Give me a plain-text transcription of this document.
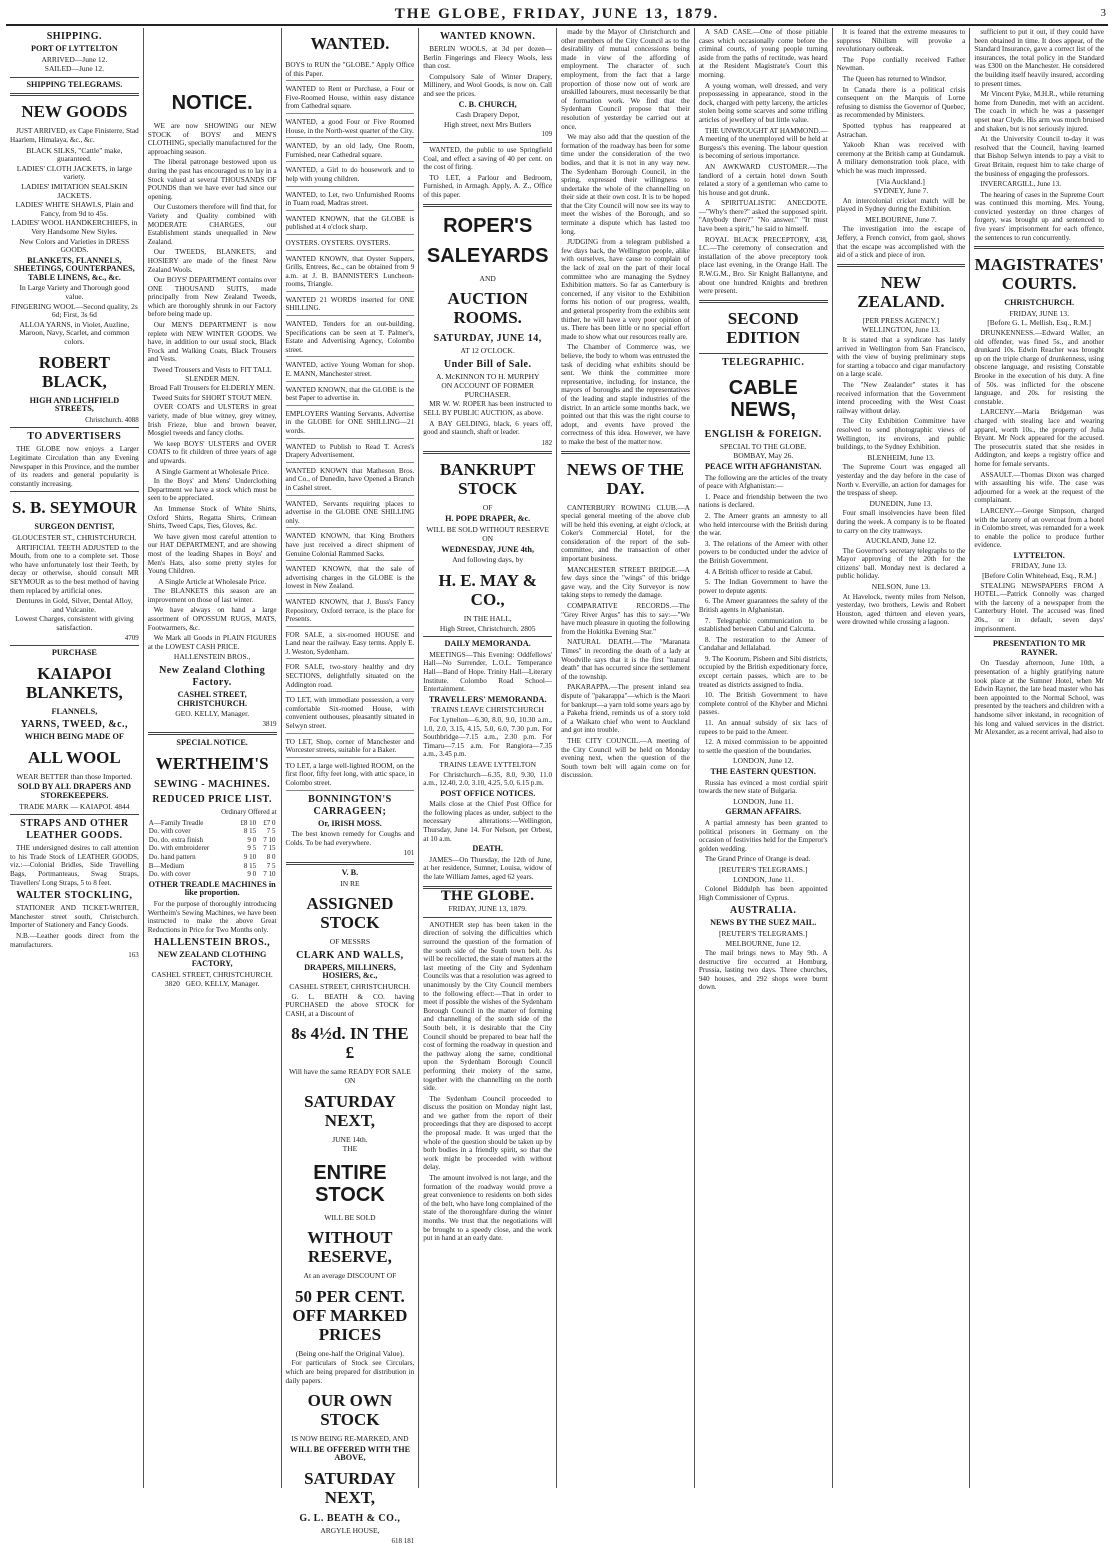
THE GLOBE, FRIDAY, JUNE 13, 1879.	3
SHIPPING.
PORT OF LYTTELTON
ARRIVED—June 12.
SAILED—June 12.
SHIPPING TELEGRAMS.
NEW GOODS

JUST ARRIVED, ex Cape Finisterre, Stad Haarlem, Himalaya, &c., &c.

BLACK SILKS, "Cattle" make, guaranteed.
LADIES' CLOTH JACKETS, in large variety.
LADIES' IMITATION SEALSKIN JACKETS.
LADIES' WHITE SHAWLS, Plain and Fancy, from 9d to 45s.
LADIES' WOOL HANDKERCHIEFS, in Very Handsome New Styles.
New Colors and Varieties in DRESS GOODS.
BLANKETS, FLANNELS, SHEETINGS, COUNTERPANES, TABLE LINENS, &c., &c.
In Large Variety and Thorough good value.
FINGERING WOOL—Second quality, 2s 6d; First, 3s 6d
ALLOA YARNS, in Violet, Auzline, Maroon, Navy, Scarlet, and common colors.
ROBERT BLACK,
HIGH AND LICHFIELD STREETS,
Christchurch. 4088
TO ADVERTISERS

THE GLOBE now enjoys a Larger Legitimate Circulation than any Evening Newspaper in this Province, and the number of its readers and general popularity is constantly increasing.

S. B. SEYMOUR
SURGEON DENTIST,
GLOUCESTER ST., CHRISTCHURCH.

ARTIFICIAL TEETH ADJUSTED to the Mouth, from one to a complete set. Those who have unfortunately lost their Teeth, by decay or otherwise, should consult MR SEYMOUR as to the best method of having them replaced by artificial ones.

Dentures in Gold, Silver, Dental Alloy, and Vulcanite.
Lowest Charges, consistent with giving satisfaction.
4709
PURCHASE
KAIAPOI BLANKETS,
FLANNELS,
YARNS, TWEED, &c.,
WHICH BEING MADE OF
ALL WOOL
WEAR BETTER than those Imported.
SOLD BY ALL DRAPERS AND STOREKEEPERS.
TRADE MARK — KAIAPOI. 4844
STRAPS AND OTHER LEATHER GOODS.

THE undersigned desires to call attention to his Trade Stock of LEATHER GOODS, viz.:—Colonial Bridles, Side Travelling Bags, Portmanteaus, Swag Straps, Travellers' Long Straps, 5 to 8 feet.

WALTER STOCKLING,

STATIONER AND TICKET-WRITER, Manchester street south, Christchurch. Importer of Stationery and Fancy Goods.

N.B.—Leather goods direct from the manufacturers.

163
NOTICE.

WE are now SHOWING our NEW STOCK of BOYS' and MEN'S CLOTHING, specially manufactured for the approaching season.

The liberal patronage bestowed upon us during the past has encouraged us to lay in a Stock valued at several THOUSANDS OF POUNDS than we have ever had since our opening.

Our Customers therefore will find that, for Variety and Quality combined with MODERATE CHARGES, our Establishment stands unequalled in New Zealand.

Our TWEEDS, BLANKETS, and HOSIERY are made of the finest New Zealand Wools.

Our BOYS' DEPARTMENT contains over ONE THOUSAND SUITS, made principally from New Zealand Tweeds, which are thoroughly shrunk in our Factory before being made up.

Our MEN'S DEPARTMENT is now replete with NEW WINTER GOODS. We have, in addition to our usual stock, Black Frock and Walking Coats, Black Trousers and Vests.

Tweed Trousers and Vests to FIT TALL SLENDER MEN.
Broad Fall Trousers for ELDERLY MEN.
Tweed Suits for SHORT STOUT MEN.

OVER COATS and ULSTERS in great variety, made of blue witney, grey witney, Irish Frieze, blue and brown beaver, Mosgiel tweeds and fancy cloths.

We keep BOYS' ULSTERS and OVER COATS to fit children of three years of age and upwards.

A Single Garment at Wholesale Price.

In the Boys' and Mens' Underclothing Department we have a stock which must be seen to be appreciated.

An Immense Stock of White Shirts, Oxford Shirts, Regatta Shirts, Crimean Shirts, Tweed Caps, Ties, Gloves, &c.

We have given most careful attention to our HAT DEPARTMENT, and are showing most of the leading Shapes in Boys' and Men's Hats, also some pretty styles for Young Children.

A Single Article at Wholesale Price.

The BLANKETS this season are an improvement on those of last winter.

We have always on hand a large assortment of OPOSSUM RUGS, MATS, Footwarmers, &c.

We Mark all Goods in PLAIN FIGURES at the LOWEST CASH PRICE.

HALLENSTEIN BROS.,
New Zealand Clothing Factory.
CASHEL STREET, CHRISTCHURCH.
GEO. KELLY, Manager.
3819
SPECIAL NOTICE.
WERTHEIM'S
SEWING - MACHINES.
REDUCED PRICE LIST.
Ordinary Offered at
A—Family Treadle	£8 10	£7 0
Do. with cover	8 15	7 5
Do. do. extra finish	9 0	7 10
Do. with embroiderer	9 5	7 15
Do. hand pattern	9 10	8 0
B—Medium	8 15	7 5
Do. with cover	9 0	7 10
OTHER TREADLE MACHINES in like proportion.

For the purpose of thoroughly introducing Wertheim's Sewing Machines, we have been instructed to make the above Great Reductions in Price for Two Months only.

HALLENSTEIN BROS.,
NEW ZEALAND CLOTHING FACTORY,
CASHEL STREET, CHRISTCHURCH.
3820 GEO. KELLY, Manager.
WANTED.
BOYS to RUN the "GLOBE." Apply Office of this Paper.
WANTED to Rent or Purchase, a Four or Five-Roomed House, within easy distance from Cathedral square.
WANTED, a good Four or Five Roomed House, in the North-west quarter of the City.
WANTED, by an old lady, One Room, Furnished, near Cathedral square.
WANTED, a Girl to do housework and to help with young children.
WANTED, to Let, two Unfurnished Rooms in Tuam road, Madras street.
WANTED KNOWN, that the GLOBE is published at 4 o'clock sharp.
OYSTERS. OYSTERS. OYSTERS.
WANTED KNOWN, that Oyster Suppers, Grills, Entrees, &c., can be obtained from 9 a.m. at J. B. BANNISTER'S Luncheon-rooms, Triangle.
WANTED 21 WORDS inserted for ONE SHILLING.
WANTED, Tenders for an out-building. Specifications can be seen at T. Palmer's, Estate and Advertising Agency, Colombo street.
WANTED, active Young Woman for shop. E. MANN, Manchester street.
WANTED KNOWN, that the GLOBE is the best Paper to advertise in.
EMPLOYERS Wanting Servants, Advertise in the GLOBE for ONE SHILLING—21 words.
WANTED to Publish to Read T. Acres's Drapery Advertisement.
WANTED KNOWN that Matheson Bros. and Co., of Dunedin, have Opened a Branch in Cashel street.
WANTED, Servants requiring places to advertise in the GLOBE ONE SHILLING only.
WANTED KNOWN, that King Brothers have just received a direct shipment of Genuine Colonial Rammed Sacks.
WANTED KNOWN, that the sale of advertising charges in the GLOBE is the lowest in New Zealand.
WANTED KNOWN, that J. Buss's Fancy Repository, Oxford terrace, is the place for Presents.
FOR SALE, a six-roomed HOUSE and Land near the railway. Easy terms. Apply E. J. Weston, Sydenham.
FOR SALE, two-story healthy and dry SECTIONS, delightfully situated on the Addington road.
TO LET, with immediate possession, a very comfortable Six-roomed House, with convenient outhouses, pleasantly situated in Selwyn street.
TO LET, Shop, corner of Manchester and Worcester streets, suitable for a Baker.
TO LET, a large well-lighted ROOM, on the first floor, fifty feet long, with attic space, in Colombo street.
BONNINGTON'S CARRAGEEN;
Or, IRISH MOSS.

The best known remedy for Coughs and Colds. To be had everywhere.

101
V. B.
IN RE
ASSIGNED STOCK
OF MESSRS
CLARK AND WALLS,
DRAPERS, MILLINERS, HOSIERS, &c.,
CASHEL STREET, CHRISTCHURCH.

G. L. BEATH & CO. having PURCHASED the above STOCK for CASH, at a Discount of

8s 4½d. IN THE £
Will have the same READY FOR SALE ON
SATURDAY NEXT,
JUNE 14th.
THE
ENTIRE STOCK
WILL BE SOLD
WITHOUT RESERVE,
At an average DISCOUNT OF
50 PER CENT. OFF MARKED PRICES
(Being one-half the Original Value).

For particulars of Stock see Circulars, which are being prepared for distribution in daily papers.

OUR OWN STOCK
IS NOW BEING RE-MARKED, AND
WILL BE OFFERED WITH THE ABOVE,
SATURDAY NEXT,
G. L. BEATH & CO.,
ARGYLE HOUSE,
618 181
WANTED KNOWN.

BERLIN WOOLS, at 3d per dozen—Berlin Fingerings and Fleecy Wools, less than cost.

Compulsory Sale of Winter Drapery, Millinery, and Wool Goods, is now on. Call and see the prices.

C. B. CHURCH,
Cash Drapery Depot,
High street, next Mrs Butlers
109

WANTED, the public to use Springfield Coal, and effect a saving of 40 per cent. on the cost of firing.

TO LET, a Parlour and Bedroom, Furnished, in Armagh. Apply, A. Z., Office of this paper.

ROPER'S
SALEYARDS
AND
AUCTION ROOMS.
SATURDAY, JUNE 14,
AT 12 O'CLOCK.
Under Bill of Sale.
A. McKINNON TO H. MURPHY
ON ACCOUNT OF FORMER PURCHASER.

MR W. W. ROPER has been instructed to SELL BY PUBLIC AUCTION, as above.

A BAY GELDING, black, 6 years off, good and staunch, shaft or leader.

182
BANKRUPT STOCK
OF
H. POPE DRAPER, &c.
WILL BE SOLD WITHOUT RESERVE
ON
WEDNESDAY, JUNE 4th,
And following days, by
H. E. MAY & CO.,
IN THE HALL,
High Street, Christchurch. 2805
DAILY MEMORANDA.

MEETINGS—This Evening: Oddfellows' Hall—No Surrender, L.O.L. Temperance Hall—Band of Hope. Trinity Hall—Literary Institute. Colombo Road School—Entertainment.

TRAVELLERS' MEMORANDA.
TRAINS LEAVE CHRISTCHURCH

For Lyttelton—6.30, 8.0, 9.0, 10.30 a.m., 1.0, 2.0, 3.15, 4.15, 5.0, 6.0, 7.30 p.m. For Southbridge—7.15 a.m., 2.30 p.m. For Timaru—7.15 a.m. For Rangiora—7.35 a.m., 3.45 p.m.

TRAINS LEAVE LYTTELTON

For Christchurch—6.35, 8.0, 9.30, 11.0 a.m., 12.40, 2.0, 3.10, 4.25, 5.0, 6.15 p.m.

POST OFFICE NOTICES.

Mails close at the Chief Post Office for the following places as under, subject to the necessary alterations:—Wellington, Thursday, June 14. For Nelson, per Orbest, at 10 a.m.

DEATH.

JAMES—On Thursday, the 12th of June, at her residence, Sumner, Louisa, widow of the late William James, aged 62 years.

THE GLOBE.
FRIDAY, JUNE 13, 1879.

ANOTHER step has been taken in the direction of solving the difficulties which surround the question of the formation of the south side of the South town belt. As will be recollected, the state of matters at the last meeting of the City and Sydenham Councils was that a resolution was agreed to unanimously by the City Council members to the following effect:—That in order to meet if possible the wishes of the Sydenham Borough Council in the matter of forming and channelling of the south side of the South belt, it is desirable that the City Council should be prepared to bear half the cost of forming the roadway in question and the pathway along the same, conditional upon the Sydenham Borough Council performing their moiety of the same, together with the channelling on the north side.

The Sydenham Council proceeded to discuss the position on Monday night last, and we gather from the report of their proceedings that they are disposed to accept the proposal made. It was urged that the whole of the question should be taken up by both bodies in a friendly spirit, so that the work might be proceeded with without delay.

The amount involved is not large, and the formation of the roadway would prove a great convenience to residents on both sides of the belt, who have long complained of the state of the thoroughfare during the winter months. We trust that the negotiations will be brought to a speedy close, and the work put in hand at an early date.

made by the Mayor of Christchurch and other members of the City Council as to the desirability of mutual concessions being made in view of the affording of employment. The character of such employment, from the fact that a large proportion of those now out of work are unskilled labourers, must necessarily be that of formation work. We find that the Sydenham Council propose that their resolution of yesterday be carried out at once.

We may also add that the question of the formation of the roadway has been for some time under the consideration of the two bodies, and that it is not in any way new. The Sydenham Borough Council, in the spring, expressed their willingness to undertake the whole of the channelling on their side at their own cost. It is to be hoped that the City Council will now see its way to meet the wishes of the Borough, and so terminate a dispute which has lasted too long.

JUDGING from a telegram published a few days back, the Wellington people, alike with ourselves, have cause to complain of the lack of zeal on the part of their local committee who are managing the Sydney Exhibition matters. So far as Canterbury is concerned, if any visitor to the Exhibition forms his notion of our progress, wealth, and general prosperity from the exhibits sent thither, he will have a very poor opinion of us. There has been little or no special effort made to show what our resources really are.

The Chamber of Commerce was, we believe, the body to whom was entrusted the task of deciding what exhibits should be sent. We think the committee more representative, including, for instance, the mayors of boroughs and the representatives of the leading and staple industries of the district. In an article some months back, we pointed out that this was the right course to adopt, and events have proved the correctness of this idea. However, we have to make the best of the matter now.

NEWS OF THE DAY.

CANTERBURY ROWING CLUB.—A special general meeting of the above club will be held this evening, at eight o'clock, at Coker's Commercial Hotel, for the consideration of the report of the sub-committee, and the transaction of other important business.

MANCHESTER STREET BRIDGE.—A few days since the "wings" of this bridge gave way, and the City Surveyor is now taking steps to remedy the damage.

COMPARATIVE RECORDS.—The "Grey River Argus" has this to say:—"We have much pleasure in quoting the following from the Hokitika Evening Star."

NATURAL DEATH.—The "Maranata Times" in recording the death of a lady at Woodville says that it is the first "natural death" that has occurred since the settlement of the township.

PAKARAPPA.—The present inland sea dispute of "pakarappa"—which is the Maori for bankrupt—a yarn told some years ago by a Pakeha friend, reminds us of a story told of a Waikato chief who went to Auckland and got into trouble.

THE CITY COUNCIL.—A meeting of the City Council will be held on Monday evening next, when the question of the South town belt will again come on for discussion.

A SAD CASE.—One of those pitiable cases which occasionally come before the criminal courts, of young people turning aside from the paths of rectitude, was heard at the Resident Magistrate's Court this morning.

A young woman, well dressed, and very prepossessing in appearance, stood in the dock, charged with petty larceny, the articles stolen being some scarves and some trifling articles of jewellery of but little value.

THE UNWROUGHT AT HAMMOND.—A meeting of the unemployed will be held at Burgess's this evening. The labour question is becoming of serious importance.

AN AWKWARD CUSTOMER.—The landlord of a certain hotel down South related a story of a gentleman who came to his house and got drunk.

A SPIRITUALISTIC ANECDOTE.—"Why's there?" asked the supposed spirit. "Anybody there?" "No answer." "It must have been a spirit," he said to himself.

ROYAL BLACK PRECEPTORY, 438, I.C.—The ceremony of consecration and installation of the above preceptory took place last evening, in the Orange Hall. The R.W.G.M., Bro. Sir Knight Ballantyne, and about one hundred Knights and brethren were present.

SECOND EDITION
TELEGRAPHIC.
CABLE NEWS,
ENGLISH & FOREIGN.
SPECIAL TO THE GLOBE.
BOMBAY, May 26.
PEACE WITH AFGHANISTAN.

The following are the articles of the treaty of peace with Afghanistan:—

1. Peace and friendship between the two nations is declared.

2. The Ameer grants an amnesty to all who held intercourse with the British during the war.

3. The relations of the Ameer with other powers to be conducted under the advice of the British Government.

4. A British officer to reside at Cabul.

5. The Indian Government to have the power to depute agents.

6. The Ameer guarantees the safety of the British agents in Afghanistan.

7. Telegraphic communication to be established between Cabul and Calcutta.

8. The restoration to the Ameer of Candahar and Jellalabad.

9. The Koorum, Pisheen and Sibi districts, occupied by the British expeditionary force, except certain passes, which are to be treated as districts assigned to India.

10. The British Government to have complete control of the Khyber and Michni passes.

11. An annual subsidy of six lacs of rupees to be paid to the Ameer.

12. A mixed commission to be appointed to settle the question of the boundaries.

LONDON, June 12.
THE EASTERN QUESTION.

Russia has evinced a most cordial spirit towards the new state of Bulgaria.

LONDON, June 11.
GERMAN AFFAIRS.

A partial amnesty has been granted to political prisoners in Germany on the occasion of festivities held for the Emperor's golden wedding.

The Grand Prince of Orange is dead.

[REUTER'S TELEGRAMS.]
LONDON, June 11.

Colonel Biddulph has been appointed High Commissioner of Cyprus.

AUSTRALIA.
NEWS BY THE SUEZ MAIL.
[REUTER'S TELEGRAMS.]
MELBOURNE, June 12.

The mail brings news to May 9th. A destructive fire occurred at Homburg, Prussia, lasting two days. Three churches, 940 houses, and 292 shops were burnt down.

It is feared that the extreme measures to suppress Nihilism will provoke a revolutionary outbreak.

The Pope cordially received Father Newman.

The Queen has returned to Windsor.

In Canada there is a political crisis consequent on the Marquis of Lorne refusing to dismiss the Governor of Quebec, as recommended by Ministers.

Spotted typhus has reappeared at Astrachan.

Yakoob Khan was received with ceremony at the British camp at Gundamuk. A military demonstration took place, with which he was much impressed.

[Via Auckland.]
SYDNEY, June 7.

An intercolonial cricket match will be played in Sydney during the Exhibition.

MELBOURNE, June 7.

The investigation into the escape of Jeffery, a French convict, from gaol, shows that the escape was accomplished with the aid of a stick and piece of iron.

NEW ZEALAND.
[PER PRESS AGENCY.]
WELLINGTON, June 13.

It is stated that a syndicate has lately arrived in Wellington from San Francisco, with the view of buying preliminary steps for starting a tobacco and cigar manufactory on a large scale.

The "New Zealander" states it has received information that the Government intend proceeding with the West Coast railway without delay.

The City Exhibition Committee have resolved to send photographic views of Wellington, its environs, and public buildings, to the Sydney Exhibition.

BLENHEIM, June 13.

The Supreme Court was engaged all yesterday and the day before in the case of North v. Everville, an action for damages for the trespass of sheep.

DUNEDIN, June 13.

Four small insolvencies have been filed during the week. A company is to be floated to carry on the city tramways.

AUCKLAND, June 12.

The Governor's secretary telegraphs to the Mayor approving of the 20th for the citizens' ball. Monday next is declared a public holiday.

NELSON, June 13.

At Havelock, twenty miles from Nelson, yesterday, two brothers, Lewis and Robert Houston, aged thirteen and eleven years, were drowned while crossing a lagoon.

sufficient to put it out, if they could have been obtained in time. It does appear, of the Standard Insurance, gave a correct list of the insurances, the total policy in the Standard was £300 on the Manchester. He considered the building itself heavily insured, according to present times.

Mr Vincent Pyke, M.H.R., while returning home from Dunedin, met with an accident. The coach in which he was a passenger upset near Clyde. His arm was much bruised and shaken, but is not seriously injured.

At the University Council to-day it was resolved that the Council, having learned that Bishop Selwyn intends to pay a visit to Great Britain, request him to take charge of the business of engaging the professors.

INVERCARGILL, June 13.

The hearing of cases in the Supreme Court was continued this morning. Mrs. Young, convicted yesterday on three charges of forgery, was brought up and sentenced to five years' imprisonment for each offence, the sentences to run concurrently.

MAGISTRATES' COURTS.
CHRISTCHURCH.
FRIDAY, JUNE 13.
[Before G. L. Mellish, Esq., R.M.]

DRUNKENNESS.—Edward Waller, an old offender, was fined 5s., and another drunkard 10s. Edwin Reacher was brought up on the triple charge of drunkenness, using obscene language, and resisting Constable Brooke in the execution of his duty. A fine of 50s. was inflicted for the obscene language, and 20s. for resisting the constable.

LARCENY.—Maria Bridgeman was charged with stealing lace and wearing apparel, worth 10s., the property of Julia Bryant. Mr Nock appeared for the accused. The prosecutrix stated that she resides in Addington, and keeps a registry office and home for female servants.

ASSAULT.—Thomas Dixon was charged with assaulting his wife. The case was adjourned for a week at the request of the complainant.

LARCENY.—George Simpson, charged with the larceny of an overcoat from a hotel in Colombo street, was remanded for a week to enable the police to produce further evidence.

LYTTELTON.
FRIDAY, June 13.
[Before Colin Whitehead, Esq., R.M.]

STEALING NEWSPAPERS FROM A HOTEL.—Patrick Connolly was charged with the larceny of a newspaper from the Canterbury Hotel. The accused was fined 20s., or in default, seven days' imprisonment.

PRESENTATION TO MR RAYNER.

On Tuesday afternoon, June 10th, a presentation of a highly gratifying nature took place at the Sumner Hotel, when Mr Edwin Rayner, the late head master who has been appointed to the Normal School, was presented by the teachers and children with a handsome silver inkstand, in recognition of his long and valued services in the district. Mr Alexander, as a recent arrival, had also to
